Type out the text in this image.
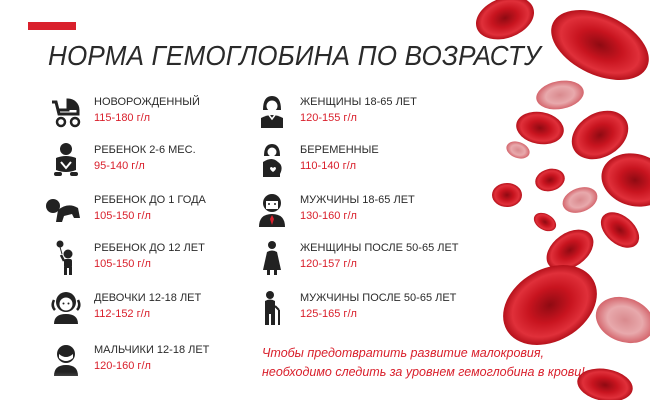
НОРМА ГЕМОГЛОБИНА ПО ВОЗРАСТУ
НОВОРОЖДЕННЫЙ
115-180 г/л
РЕБЕНОК 2-6 МЕС.
95-140 г/л
РЕБЕНОК ДО 1 ГОДА
105-150 г/л
РЕБЕНОК ДО 12 ЛЕТ
105-150 г/л
ДЕВОЧКИ 12-18 ЛЕТ
112-152 г/л
МАЛЬЧИКИ 12-18 ЛЕТ
120-160 г/л
ЖЕНЩИНЫ 18-65 ЛЕТ
120-155 г/л
БЕРЕМЕННЫЕ
110-140 г/л
МУЖЧИНЫ 18-65 ЛЕТ
130-160 г/л
ЖЕНЩИНЫ ПОСЛЕ 50-65 ЛЕТ
120-157 г/л
МУЖЧИНЫ ПОСЛЕ 50-65 ЛЕТ
125-165 г/л
Чтобы предотвратить развитие малокровия,
необходимо следить за уровнем гемоглобина в крови!
